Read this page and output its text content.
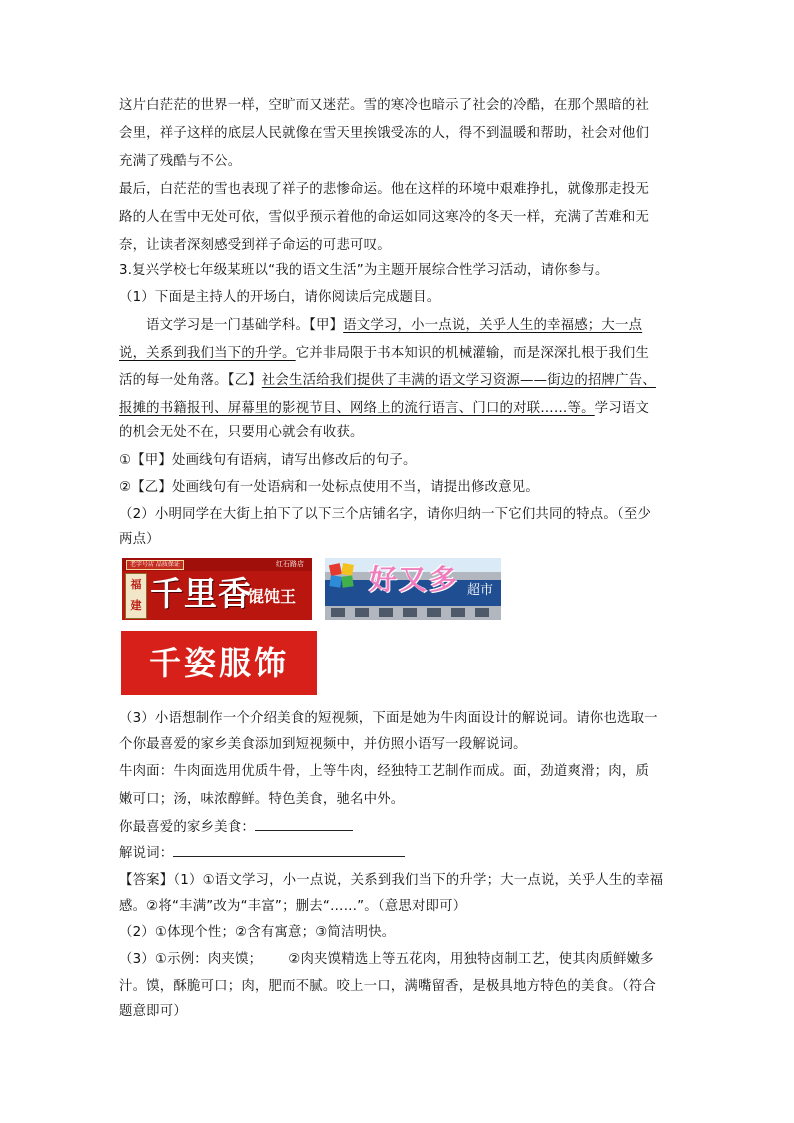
这片白茫茫的世界一样，空旷而又迷茫。雪的寒冷也暗示了社会的冷酷，在那个黑暗的社

会里，祥子这样的底层人民就像在雪天里挨饿受冻的人，得不到温暖和帮助，社会对他们

充满了残酷与不公。

最后，白茫茫的雪也表现了祥子的悲惨命运。他在这样的环境中艰难挣扎，就像那走投无

路的人在雪中无处可依，雪似乎预示着他的命运如同这寒冷的冬天一样，充满了苦难和无

奈，让读者深刻感受到祥子命运的可悲可叹。

3.复兴学校七年级某班以“我的语文生活”为主题开展综合性学习活动，请你参与。

（1）下面是主持人的开场白，请你阅读后完成题目。

语文学习是一门基础学科。【甲】语文学习，小一点说，关乎人生的幸福感；大一点

说，关系到我们当下的升学。它并非局限于书本知识的机械灌输，而是深深扎根于我们生

活的每一处角落。【乙】社会生活给我们提供了丰满的语文学习资源——街边的招牌广告、

报摊的书籍报刊、屏幕里的影视节目、网络上的流行语言、门口的对联……等。学习语文

的机会无处不在，只要用心就会有收获。

①【甲】处画线句有语病，请写出修改后的句子。

②【乙】处画线句有一处语病和一处标点使用不当，请提出修改意见。

（2）小明同学在大街上拍下了以下三个店铺名字，请你归纳一下它们共同的特点。（至少

两点）

老字号店 品质保证	红石路店
福
建 千里香
馄饨王
好又多 超市
千姿服饰

（3）小语想制作一个介绍美食的短视频，下面是她为牛肉面设计的解说词。请你也选取一

个你最喜爱的家乡美食添加到短视频中，并仿照小语写一段解说词。

牛肉面：牛肉面选用优质牛骨，上等牛肉，经独特工艺制作而成。面，劲道爽滑；肉，质

嫩可口；汤，味浓醇鲜。特色美食，驰名中外。

你最喜爱的家乡美食：

解说词：

【答案】（1）①语文学习，小一点说，关系到我们当下的升学；大一点说，关乎人生的幸福

感。②将“丰满”改为“丰富”；删去“……”。（意思对即可）

（2）①体现个性；②含有寓意；③简洁明快。

（3）①示例：肉夹馍； ②肉夹馍精选上等五花肉，用独特卤制工艺，使其肉质鲜嫩多

汁。馍，酥脆可口；肉，肥而不腻。咬上一口，满嘴留香，是极具地方特色的美食。（符合

题意即可）
